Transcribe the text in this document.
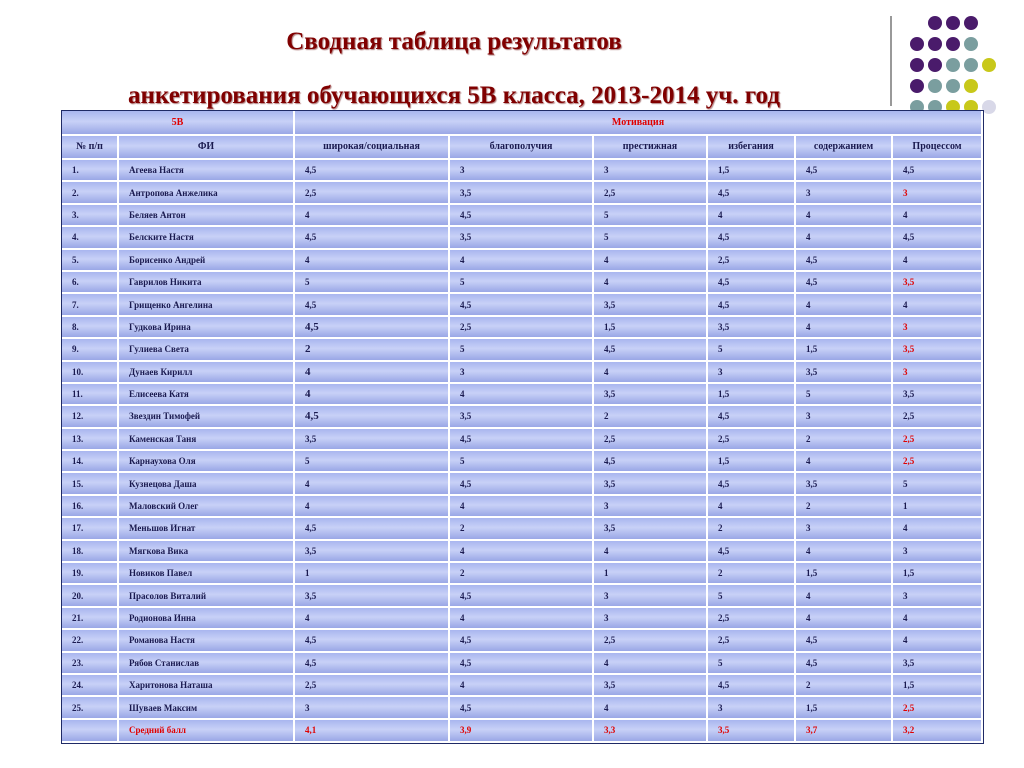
Сводная таблица результатов
анкетирования обучающихся 5В класса, 2013-2014 уч. год
5В		Мотивация					
№ п/п	ФИ	широкая/социальная	благополучия	престижная	избегания	содержанием	Процессом
1.	Агеева Настя	4,5	3	3	1,5	4,5	4,5
2.	Антропова Анжелика	2,5	3,5	2,5	4,5	3	3
3.	Беляев Антон	4	4,5	5	4	4	4
4.	Белските Настя	4,5	3,5	5	4,5	4	4,5
5.	Борисенко Андрей	4	4	4	2,5	4,5	4
6.	Гаврилов Никита	5	5	4	4,5	4,5	3,5
7.	Грищенко Ангелина	4,5	4,5	3,5	4,5	4	4
8.	Гудкова Ирина	4,5	2,5	1,5	3,5	4	3
9.	Гулиева Света	2	5	4,5	5	1,5	3,5
10.	Дунаев Кирилл	4	3	4	3	3,5	3
11.	Елисеева Катя	4	4	3,5	1,5	5	3,5
12.	Звездин Тимофей	4,5	3,5	2	4,5	3	2,5
13.	Каменская Таня	3,5	4,5	2,5	2,5	2	2,5
14.	Карнаухова Оля	5	5	4,5	1,5	4	2,5
15.	Кузнецова Даша	4	4,5	3,5	4,5	3,5	5
16.	Маловский Олег	4	4	3	4	2	1
17.	Меньшов Игнат	4,5	2	3,5	2	3	4
18.	Мягкова Вика	3,5	4	4	4,5	4	3
19.	Новиков Павел	1	2	1	2	1,5	1,5
20.	Прасолов Виталий	3,5	4,5	3	5	4	3
21.	Родионова Инна	4	4	3	2,5	4	4
22.	Романова Настя	4,5	4,5	2,5	2,5	4,5	4
23.	Рябов Станислав	4,5	4,5	4	5	4,5	3,5
24.	Харитонова Наташа	2,5	4	3,5	4,5	2	1,5
25.	Шуваев Максим	3	4,5	4	3	1,5	2,5
	Средний балл	4,1	3,9	3,3	3,5	3,7	3,2
